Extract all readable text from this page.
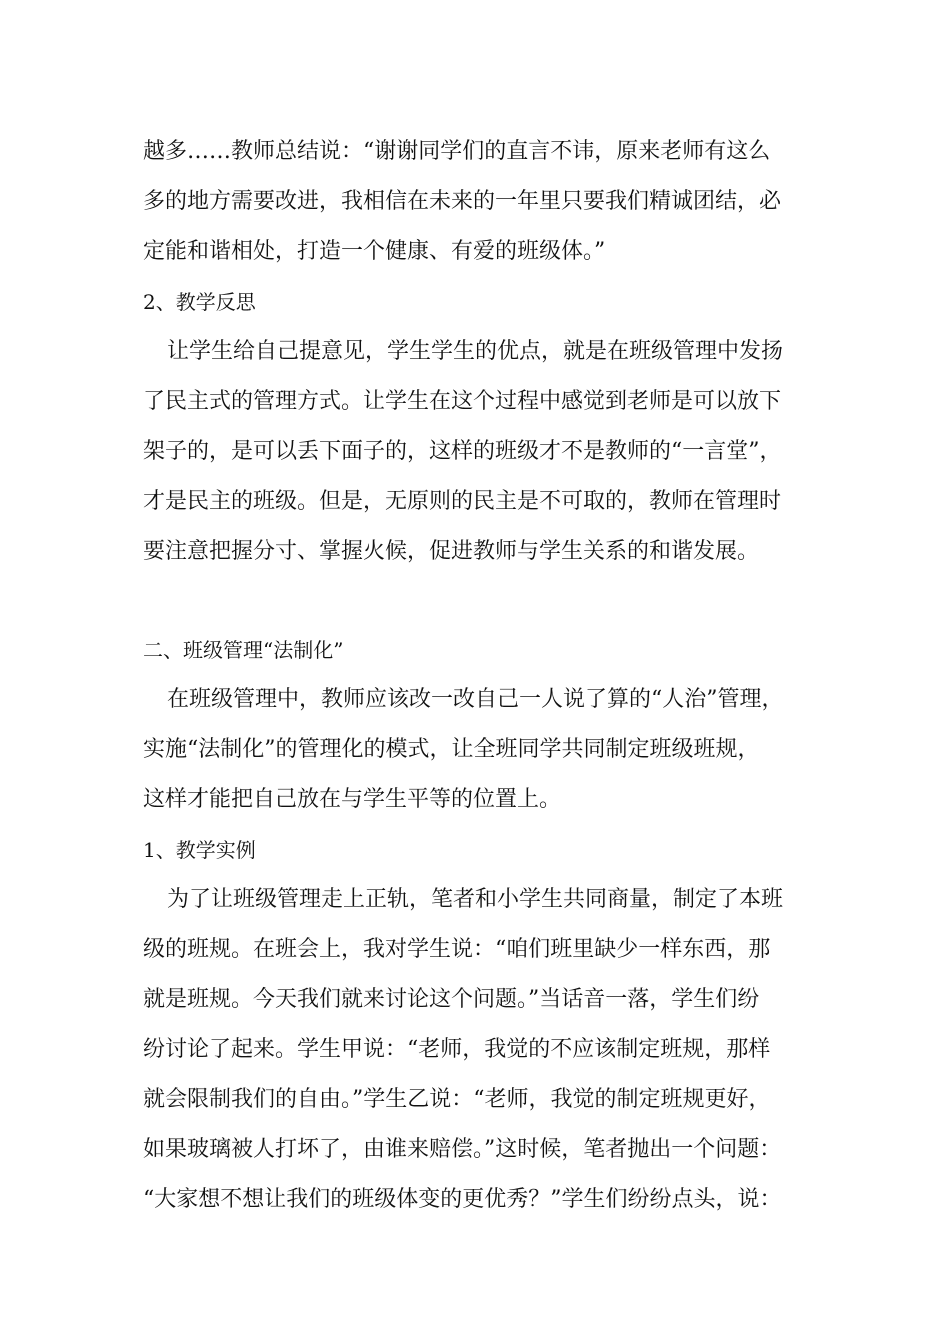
越多……教师总结说：“谢谢同学们的直言不讳，原来老师有这么

多的地方需要改进，我相信在未来的一年里只要我们精诚团结，必

定能和谐相处，打造一个健康、有爱的班级体。”

2、教学反思

让学生给自己提意见，学生学生的优点，就是在班级管理中发扬

了民主式的管理方式。让学生在这个过程中感觉到老师是可以放下

架子的，是可以丢下面子的，这样的班级才不是教师的“一言堂”，

才是民主的班级。但是，无原则的民主是不可取的，教师在管理时

要注意把握分寸、掌握火候，促进教师与学生关系的和谐发展。

二、班级管理“法制化”

在班级管理中，教师应该改一改自己一人说了算的“人治”管理，

实施“法制化”的管理化的模式，让全班同学共同制定班级班规，

这样才能把自己放在与学生平等的位置上。

1、教学实例

为了让班级管理走上正轨，笔者和小学生共同商量，制定了本班

级的班规。在班会上，我对学生说：“咱们班里缺少一样东西，那

就是班规。今天我们就来讨论这个问题。”当话音一落，学生们纷

纷讨论了起来。学生甲说：“老师，我觉的不应该制定班规，那样

就会限制我们的自由。”学生乙说：“老师，我觉的制定班规更好，

如果玻璃被人打坏了，由谁来赔偿。”这时候，笔者抛出一个问题：

“大家想不想让我们的班级体变的更优秀？”学生们纷纷点头，说：
